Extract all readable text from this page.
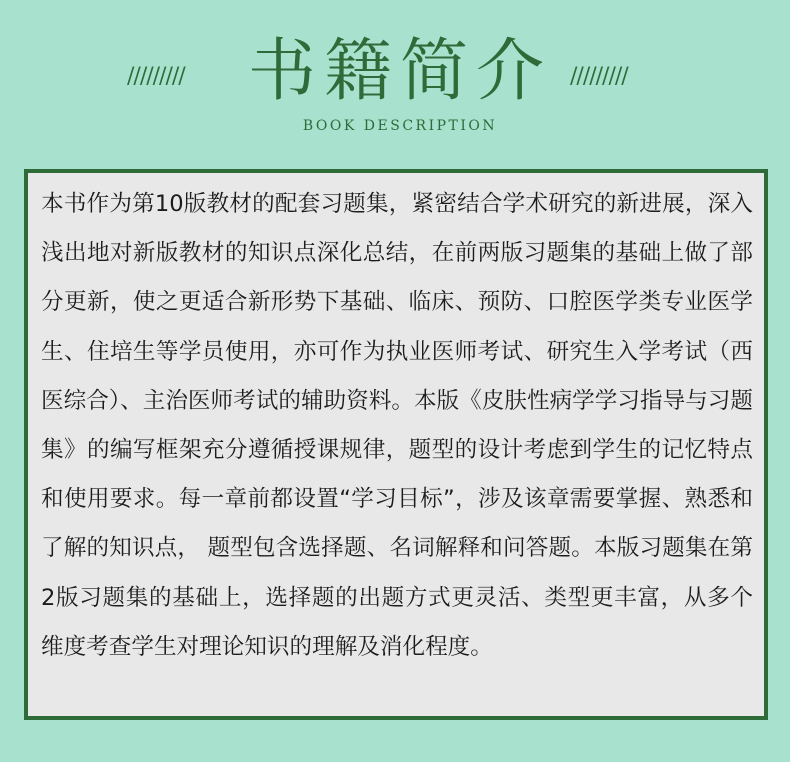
///////// 书籍简介 /////////
BOOK DESCRIPTION

本书作为第10版教材的配套习题集，紧密结合学术研究的新进展，深入浅出地对新版教材的知识点深化总结，在前两版习题集的基础上做了部分更新，使之更适合新形势下基础、临床、预防、口腔医学类专业医学生、住培生等学员使用，亦可作为执业医师考试、研究生入学考试（西医综合）、主治医师考试的辅助资料。本版《皮肤性病学学习指导与习题集》的编写框架充分遵循授课规律，题型的设计考虑到学生的记忆特点和使用要求。每一章前都设置“学习目标”，涉及该章需要掌握、熟悉和了解的知识点， 题型包含选择题、名词解释和问答题。本版习题集在第2版习题集的基础上，选择题的出题方式更灵活、类型更丰富，从多个维度考查学生对理论知识的理解及消化程度。
